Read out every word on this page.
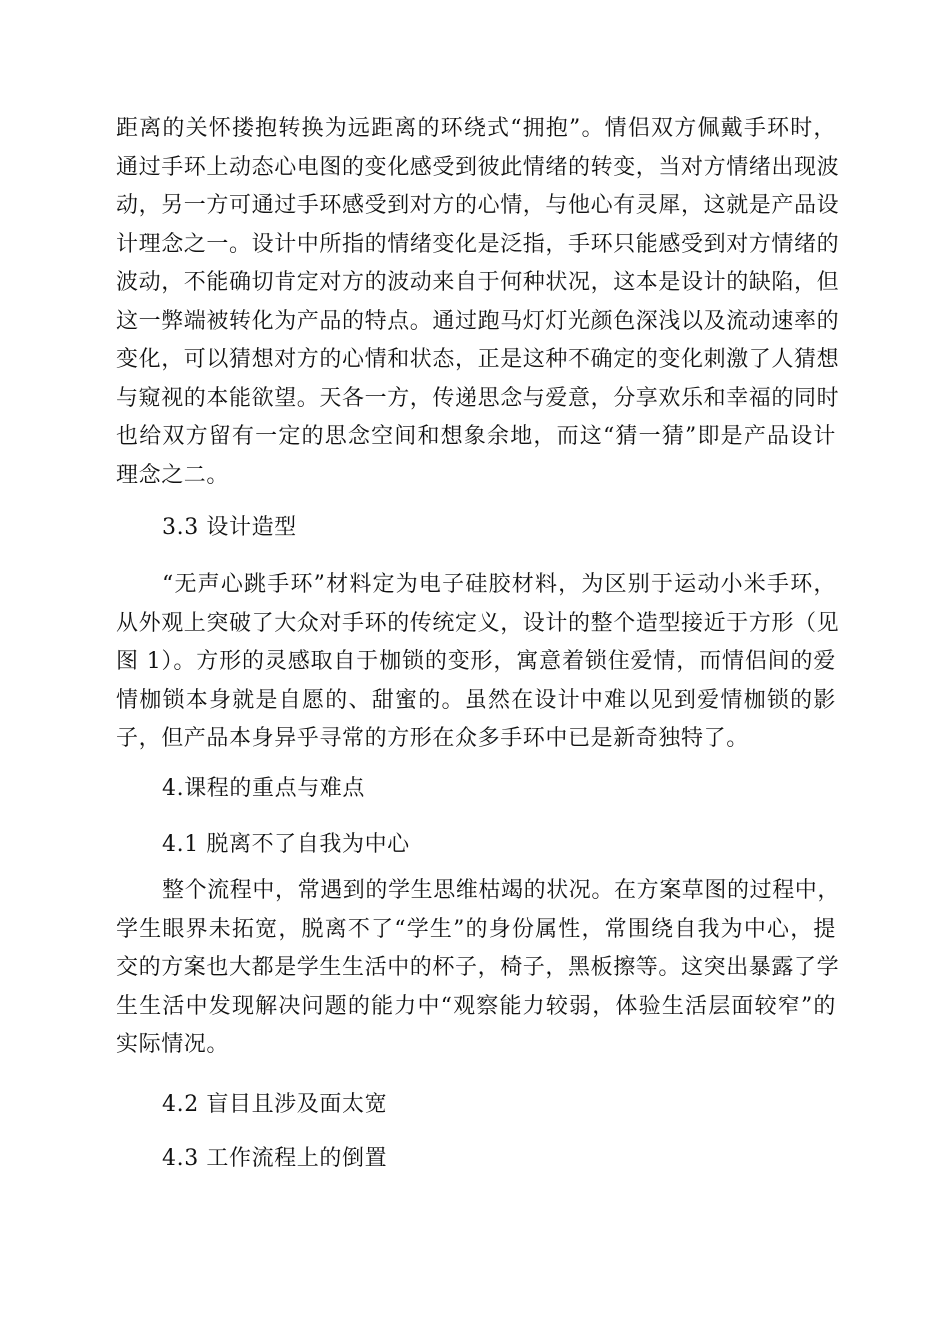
距离的关怀搂抱转换为远距离的环绕式“拥抱”。情侣双方佩戴手环时，
通过手环上动态心电图的变化感受到彼此情绪的转变，当对方情绪出现波
动，另一方可通过手环感受到对方的心情，与他心有灵犀，这就是产品设
计理念之一。设计中所指的情绪变化是泛指，手环只能感受到对方情绪的
波动，不能确切肯定对方的波动来自于何种状况，这本是设计的缺陷，但
这一弊端被转化为产品的特点。通过跑马灯灯光颜色深浅以及流动速率的
变化，可以猜想对方的心情和状态，正是这种不确定的变化刺激了人猜想
与窥视的本能欲望。天各一方，传递思念与爱意，分享欢乐和幸福的同时
也给双方留有一定的思念空间和想象余地，而这“猜一猜”即是产品设计
理念之二。
3.3 设计造型
“无声心跳手环”材料定为电子硅胶材料，为区别于运动小米手环，
从外观上突破了大众对手环的传统定义，设计的整个造型接近于方形（见
图 1）。方形的灵感取自于枷锁的变形，寓意着锁住爱情，而情侣间的爱
情枷锁本身就是自愿的、甜蜜的。虽然在设计中难以见到爱情枷锁的影
子，但产品本身异乎寻常的方形在众多手环中已是新奇独特了。
4.课程的重点与难点
4.1 脱离不了自我为中心
整个流程中，常遇到的学生思维枯竭的状况。在方案草图的过程中，
学生眼界未拓宽，脱离不了“学生”的身份属性，常围绕自我为中心，提
交的方案也大都是学生生活中的杯子，椅子，黑板擦等。这突出暴露了学
生生活中发现解决问题的能力中“观察能力较弱，体验生活层面较窄”的
实际情况。
4.2 盲目且涉及面太宽
4.3 工作流程上的倒置
